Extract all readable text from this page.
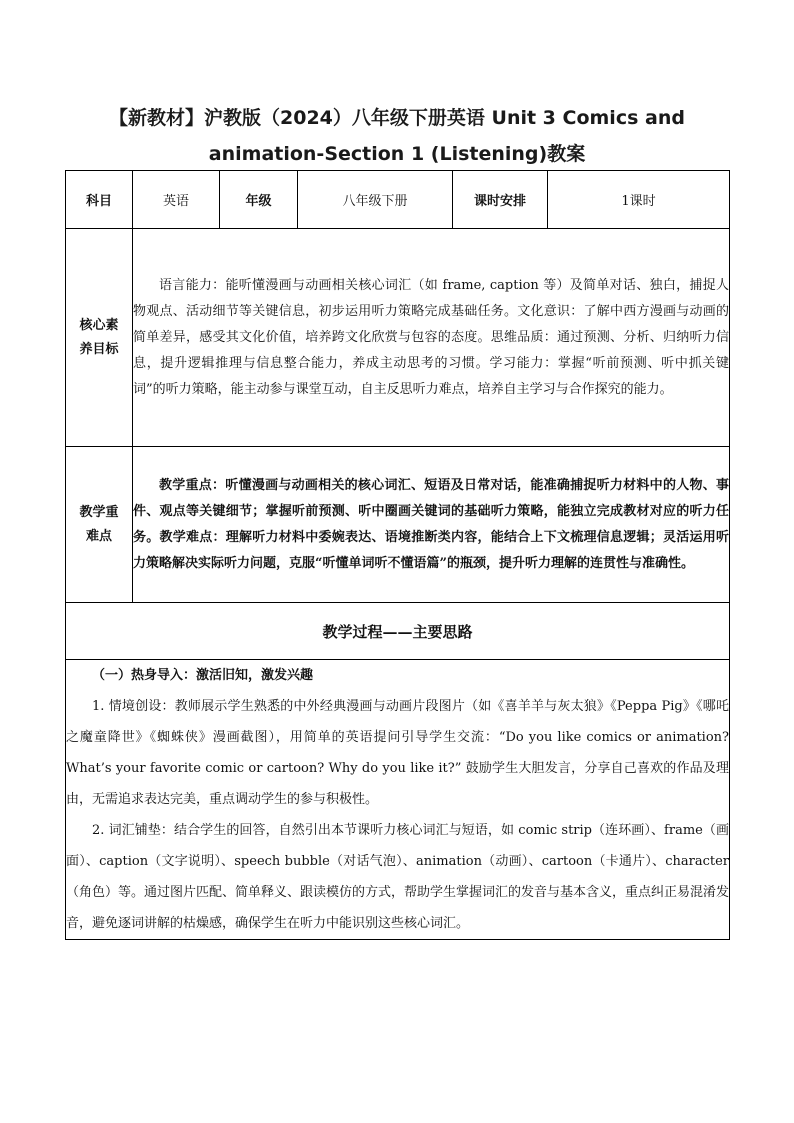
【新教材】沪教版（2024）八年级下册英语 Unit 3 Comics and animation-Section 1 (Listening)教案
科目	英语	年级	八年级下册	课时安排	1课时
核心素养目标	语言能力：能听懂漫画与动画相关核心词汇（如 frame, caption 等）及简单对话、独白，捕捉人物观点、活动细节等关键信息，初步运用听力策略完成基础任务。文化意识：了解中西方漫画与动画的简单差异，感受其文化价值，培养跨文化欣赏与包容的态度。思维品质：通过预测、分析、归纳听力信息，提升逻辑推理与信息整合能力，养成主动思考的习惯。学习能力：掌握“听前预测、听中抓关键词”的听力策略，能主动参与课堂互动，自主反思听力难点，培养自主学习与合作探究的能力。				
教学重难点	教学重点：听懂漫画与动画相关的核心词汇、短语及日常对话，能准确捕捉听力材料中的人物、事件、观点等关键细节；掌握听前预测、听中圈画关键词的基础听力策略，能独立完成教材对应的听力任务。教学难点：理解听力材料中委婉表达、语境推断类内容，能结合上下文梳理信息逻辑；灵活运用听力策略解决实际听力问题，克服“听懂单词听不懂语篇”的瓶颈，提升听力理解的连贯性与准确性。				
教学过程——主要思路					

（一）热身导入：激活旧知，激发兴趣

1. 情境创设：教师展示学生熟悉的中外经典漫画与动画片段图片（如《喜羊羊与灰太狼》《Peppa Pig》《哪吒之魔童降世》《蜘蛛侠》漫画截图），用简单的英语提问引导学生交流：“Do you like comics or animation? What’s your favorite comic or cartoon? Why do you like it?” 鼓励学生大胆发言，分享自己喜欢的作品及理由，无需追求表达完美，重点调动学生的参与积极性。

2. 词汇铺垫：结合学生的回答，自然引出本节课听力核心词汇与短语，如 comic strip（连环画）、frame（画面）、caption（文字说明）、speech bubble（对话气泡）、animation（动画）、cartoon（卡通片）、character（角色）等。通过图片匹配、简单释义、跟读模仿的方式，帮助学生掌握词汇的发音与基本含义，重点纠正易混淆发音，避免逐词讲解的枯燥感，确保学生在听力中能识别这些核心词汇。					
